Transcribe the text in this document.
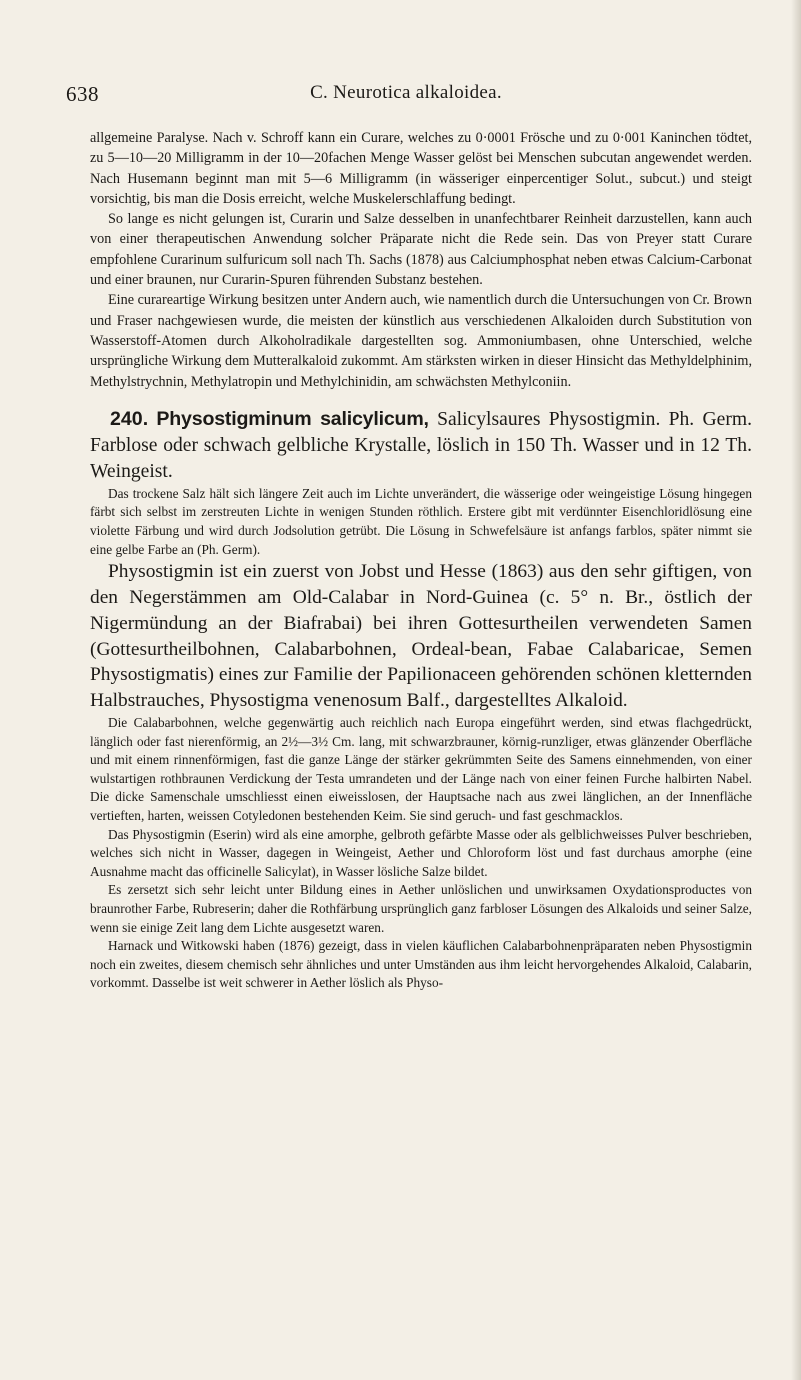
638	C. Neurotica alkaloidea.

allgemeine Paralyse. Nach v. Schroff kann ein Curare, welches zu 0·0001 Frösche und zu 0·001 Kaninchen tödtet, zu 5—10—20 Milligramm in der 10—20fachen Menge Wasser gelöst bei Menschen subcutan angewendet werden. Nach Husemann beginnt man mit 5—6 Milligramm (in wässeriger einpercentiger Solut., subcut.) und steigt vorsichtig, bis man die Dosis erreicht, welche Muskelerschlaffung bedingt.

So lange es nicht gelungen ist, Curarin und Salze desselben in unanfechtbarer Reinheit darzustellen, kann auch von einer therapeutischen Anwendung solcher Präparate nicht die Rede sein. Das von Preyer statt Curare empfohlene Curarinum sulfuricum soll nach Th. Sachs (1878) aus Calciumphosphat neben etwas Calcium-Carbonat und einer braunen, nur Curarin-Spuren führenden Substanz bestehen.

Eine curareartige Wirkung besitzen unter Andern auch, wie namentlich durch die Untersuchungen von Cr. Brown und Fraser nachgewiesen wurde, die meisten der künstlich aus verschiedenen Alkaloiden durch Substitution von Wasserstoff-Atomen durch Alkoholradikale dargestellten sog. Ammoniumbasen, ohne Unterschied, welche ursprüngliche Wirkung dem Mutteralkaloid zukommt. Am stärksten wirken in dieser Hinsicht das Methyldelphinim, Methylstrychnin, Methylatropin und Methylchinidin, am schwächsten Methylconiin.

240. Physostigminum salicylicum, Salicylsaures Physostigmin. Ph. Germ. Farblose oder schwach gelbliche Krystalle, löslich in 150 Th. Wasser und in 12 Th. Weingeist.

Das trockene Salz hält sich längere Zeit auch im Lichte unverändert, die wässerige oder weingeistige Lösung hingegen färbt sich selbst im zerstreuten Lichte in wenigen Stunden röthlich. Erstere gibt mit verdünnter Eisenchloridlösung eine violette Färbung und wird durch Jodsolution getrübt. Die Lösung in Schwefelsäure ist anfangs farblos, später nimmt sie eine gelbe Farbe an (Ph. Germ).

Physostigmin ist ein zuerst von Jobst und Hesse (1863) aus den sehr giftigen, von den Negerstämmen am Old-Calabar in Nord-Guinea (c. 5° n. Br., östlich der Nigermündung an der Biafrabai) bei ihren Gottesurtheilen verwendeten Samen (Gottesurtheilbohnen, Calabarbohnen, Ordeal-bean, Fabae Calabaricae, Semen Physostigmatis) eines zur Familie der Papilionaceen gehörenden schönen kletternden Halbstrauches, Physostigma venenosum Balf., dargestelltes Alkaloid.

Die Calabarbohnen, welche gegenwärtig auch reichlich nach Europa eingeführt werden, sind etwas flachgedrückt, länglich oder fast nierenförmig, an 2½—3½ Cm. lang, mit schwarzbrauner, körnig-runzliger, etwas glänzender Oberfläche und mit einem rinnenförmigen, fast die ganze Länge der stärker gekrümmten Seite des Samens einnehmenden, von einer wulstartigen rothbraunen Verdickung der Testa umrandeten und der Länge nach von einer feinen Furche halbirten Nabel. Die dicke Samenschale umschliesst einen eiweisslosen, der Hauptsache nach aus zwei länglichen, an der Innenfläche vertieften, harten, weissen Cotyledonen bestehenden Keim. Sie sind geruch- und fast geschmacklos.

Das Physostigmin (Eserin) wird als eine amorphe, gelbroth gefärbte Masse oder als gelblichweisses Pulver beschrieben, welches sich nicht in Wasser, dagegen in Weingeist, Aether und Chloroform löst und fast durchaus amorphe (eine Ausnahme macht das officinelle Salicylat), in Wasser lösliche Salze bildet.

Es zersetzt sich sehr leicht unter Bildung eines in Aether unlöslichen und unwirksamen Oxydationsproductes von braunrother Farbe, Rubreserin; daher die Rothfärbung ursprünglich ganz farbloser Lösungen des Alkaloids und seiner Salze, wenn sie einige Zeit lang dem Lichte ausgesetzt waren.

Harnack und Witkowski haben (1876) gezeigt, dass in vielen käuflichen Calabarbohnenpräparaten neben Physostigmin noch ein zweites, diesem chemisch sehr ähnliches und unter Umständen aus ihm leicht hervorgehendes Alkaloid, Calabarin, vorkommt. Dasselbe ist weit schwerer in Aether löslich als Physo-
